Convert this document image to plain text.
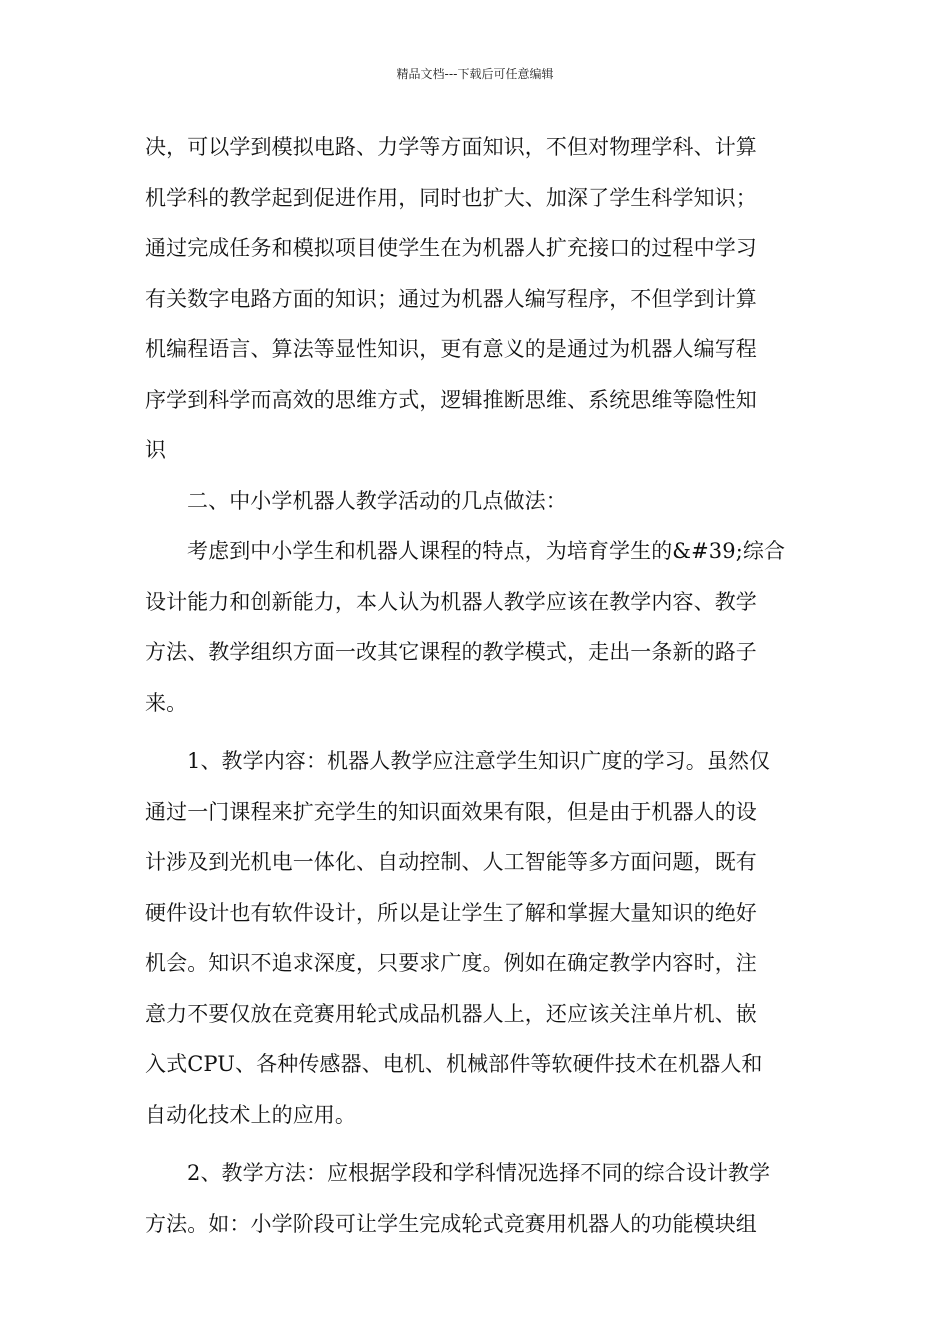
精品文档---下载后可任意编辑
决，可以学到模拟电路、力学等方面知识，不但对物理学科、计算
机学科的教学起到促进作用，同时也扩大、加深了学生科学知识；
通过完成任务和模拟项目使学生在为机器人扩充接口的过程中学习
有关数字电路方面的知识；通过为机器人编写程序，不但学到计算
机编程语言、算法等显性知识，更有意义的是通过为机器人编写程
序学到科学而高效的思维方式，逻辑推断思维、系统思维等隐性知
识
二、中小学机器人教学活动的几点做法：
考虑到中小学生和机器人课程的特点，为培育学生的&#39;综合
设计能力和创新能力，本人认为机器人教学应该在教学内容、教学
方法、教学组织方面一改其它课程的教学模式，走出一条新的路子
来。
1、教学内容：机器人教学应注意学生知识广度的学习。虽然仅
通过一门课程来扩充学生的知识面效果有限，但是由于机器人的设
计涉及到光机电一体化、自动控制、人工智能等多方面问题，既有
硬件设计也有软件设计，所以是让学生了解和掌握大量知识的绝好
机会。知识不追求深度，只要求广度。例如在确定教学内容时，注
意力不要仅放在竞赛用轮式成品机器人上，还应该关注单片机、嵌
入式CPU、各种传感器、电机、机械部件等软硬件技术在机器人和
自动化技术上的应用。
2、教学方法：应根据学段和学科情况选择不同的综合设计教学
方法。如：小学阶段可让学生完成轮式竞赛用机器人的功能模块组
